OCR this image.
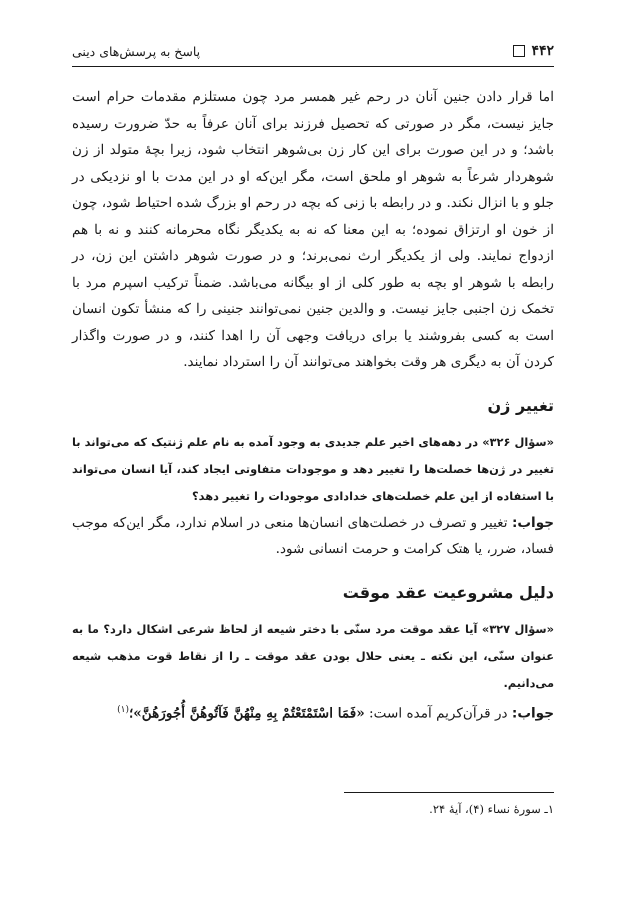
۴۴۲
پاسخ به پرسش‌های دینی

اما قرار دادن جنین آنان در رحم غیر همسر مرد چون مستلزم مقدمات حرام است جایز نیست، مگر در صورتی که تحصیل فرزند برای آنان عرفاً به حدّ ضرورت رسیده باشد؛ و در این صورت برای این کار زن بی‌شوهر انتخاب شود، زیرا بچهٔ متولد از زن شوهردار شرعاً به شوهر او ملحق است، مگر این‌که او در این مدت با او نزدیکی در جلو و با انزال نکند. و در رابطه با زنی که بچه در رحم او بزرگ شده احتیاط شود، چون از خون او ارتزاق نموده؛ به این معنا که نه به یکدیگر نگاه محرمانه کنند و نه با هم ازدواج نمایند. ولی از یکدیگر ارث نمی‌برند؛ و در صورت شوهر داشتن این زن، در رابطه با شوهر او بچه به طور کلی از او بیگانه می‌باشد. ضمناً ترکیب اسپرم مرد با تخمک زن اجنبی جایز نیست. و والدین جنین نمی‌توانند جنینی را که منشأ تکون انسان است به کسی بفروشند یا برای دریافت وجهی آن را اهدا کنند، و در صورت واگذار کردن آن به دیگری هر وقت بخواهند می‌توانند آن را استرداد نمایند.

تغییر ژن

«سؤال ۳۲۶» در دهه‌های اخیر علم جدیدی به وجود آمده به نام علم ژنتیک که می‌تواند با تغییر در ژن‌ها خصلت‌ها را تغییر دهد و موجودات متفاوتی ایجاد کند، آیا انسان می‌تواند با استفاده از این علم خصلت‌های خدادادی موجودات را تغییر دهد؟

جواب: تغییر و تصرف در خصلت‌های انسان‌ها منعی در اسلام ندارد، مگر این‌که موجب فساد، ضرر، یا هتک کرامت و حرمت انسانی شود.

دلیل مشروعیت عقد موقت

«سؤال ۳۲۷» آیا عقد موقت مرد سنّی با دختر شیعه از لحاظ شرعی اشکال دارد؟ ما به عنوان سنّی، این نکته ـ یعنی حلال بودن عقد موقت ـ را از نقاط قوت مذهب شیعه می‌دانیم.

جواب: در قرآن‌کریم آمده است: «فَمَا اسْتَمْتَعْتُمْ بِهِ مِنْهُنَّ فَآتُوهُنَّ أُجُورَهُنَّ»؛$^{(۱)}$

۱ـ سورهٔ نساء (۴)، آیهٔ ۲۴.
